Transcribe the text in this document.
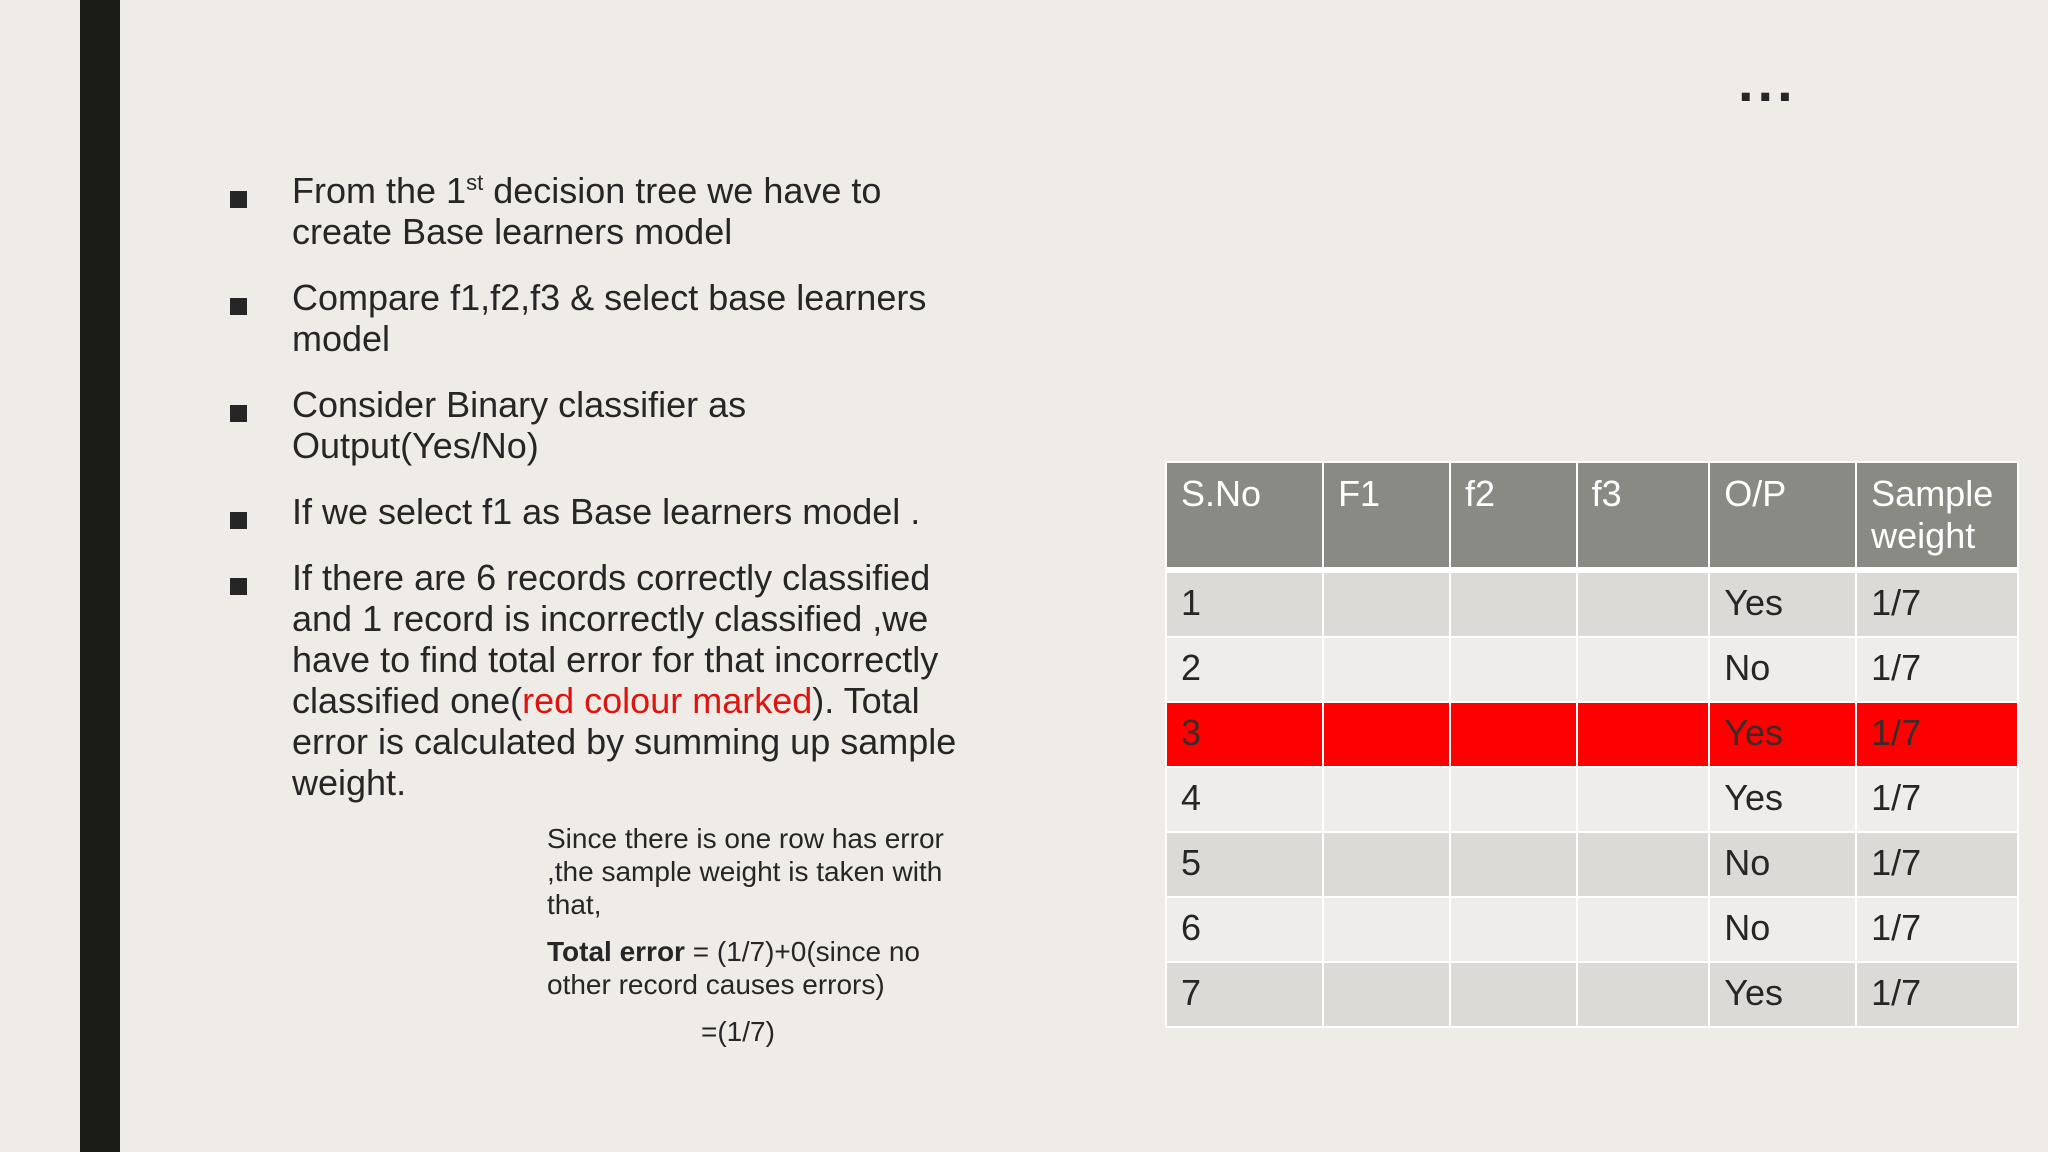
...
From the 1st decision tree we have to create Base learners model
Compare f1,f2,f3 & select base learners model
Consider Binary classifier as Output(Yes/No)
If we select f1 as Base learners model .
If there are 6 records correctly classified and 1 record is incorrectly classified ,we have to find total error for that incorrectly classified one(red colour marked). Total error is calculated by summing up sample weight.

Since there is one row has error ,the sample weight is taken with that,

Total error = (1/7)+0(since no other record causes errors)

=(1/7)

S.No	F1	f2	f3	O/P	Sample weight
1				Yes	1/7
2				No	1/7
3				Yes	1/7
4				Yes	1/7
5				No	1/7
6				No	1/7
7				Yes	1/7
